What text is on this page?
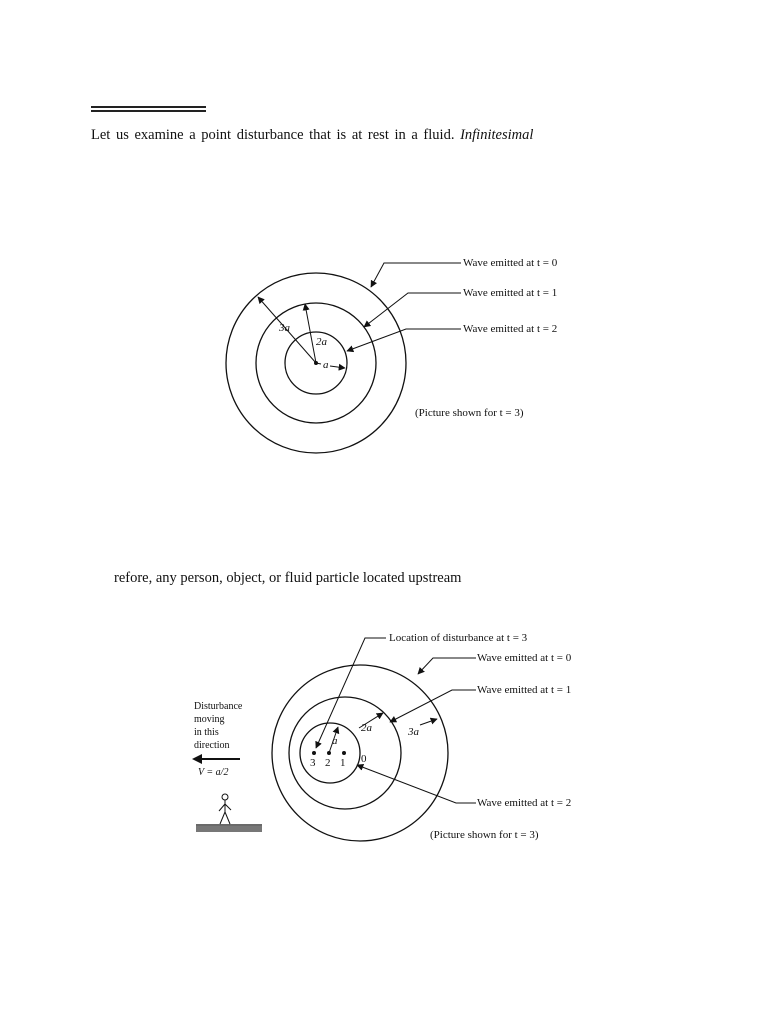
Let us examine a point disturbance that is at rest in a fluid. Infinitesimal
refore, any person, object, or fluid particle located upstream
3a
2a
a
Wave emitted at t = 0
Wave emitted at t = 1
Wave emitted at t = 2
(Picture shown for t = 3)
3 2 1 0
a
2a	3a
Location of disturbance at t = 3
Wave emitted at t = 0
Wave emitted at t = 1
Wave emitted at t = 2
(Picture shown for t = 3)
Disturbance
moving
in this
direction
V = a/2
